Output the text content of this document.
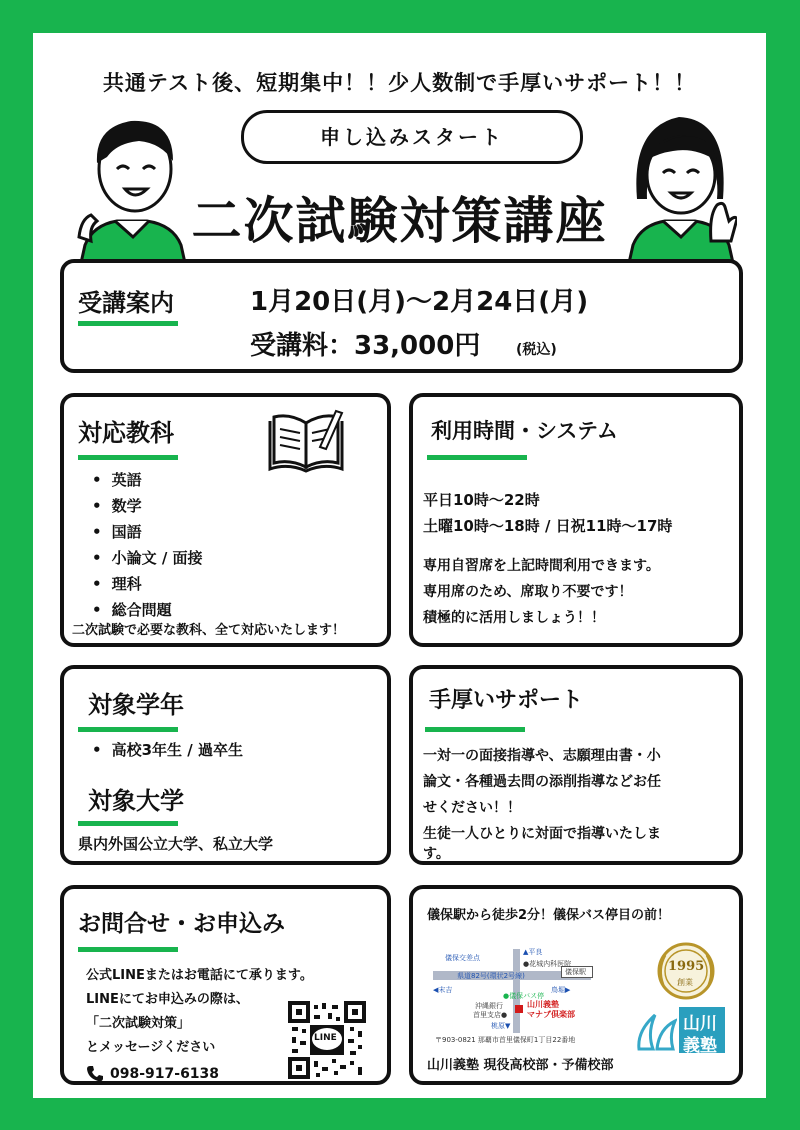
共通テスト後、短期集中！！少人数制で手厚いサポート！！
申し込みスタート
二次試験対策講座
受講案内	1月20日(月)～2月24日(月)
受講料：33,000円	(税込)
対応教科
• 英語
• 数学
• 国語
• 小論文 / 面接
• 理科
• 総合問題
二次試験で必要な教科、全て対応いたします！
利用時間・システム
平日10時～22時
土曜10時～18時 / 日祝11時～17時
専用自習席を上記時間利用できます。
専用席のため、席取り不要です！
積極的に活用しましょう！！
対象学年
• 高校3年生 / 過卒生
対象大学
県内外国公立大学、私立大学
手厚いサポート
一対一の面接指導や、志願理由書・小
論文・各種過去問の添削指導などお任
せください！！
生徒一人ひとりに対面で指導いたしま
す。
お問合せ・お申込み
公式LINEまたはお電話にて承ります。
LINEにてお申込みの際は、
「二次試験対策」
とメッセージください
098-917-6138
LINE
儀保駅から徒歩2分！儀保バス停目の前！
儀保交差点
▲平良
●花城内科医院
県道82号(環状2号線)	儀保駅
◀末吉	鳥堀▶
●儀保バス停
沖縄銀行
首里支店●
山川義塾
マナブ倶楽部
桃原▼
〒903-0821 那覇市首里儀保町1丁目22番地
1995
創業
山川
義塾
山川義塾 現役高校部・予備校部
